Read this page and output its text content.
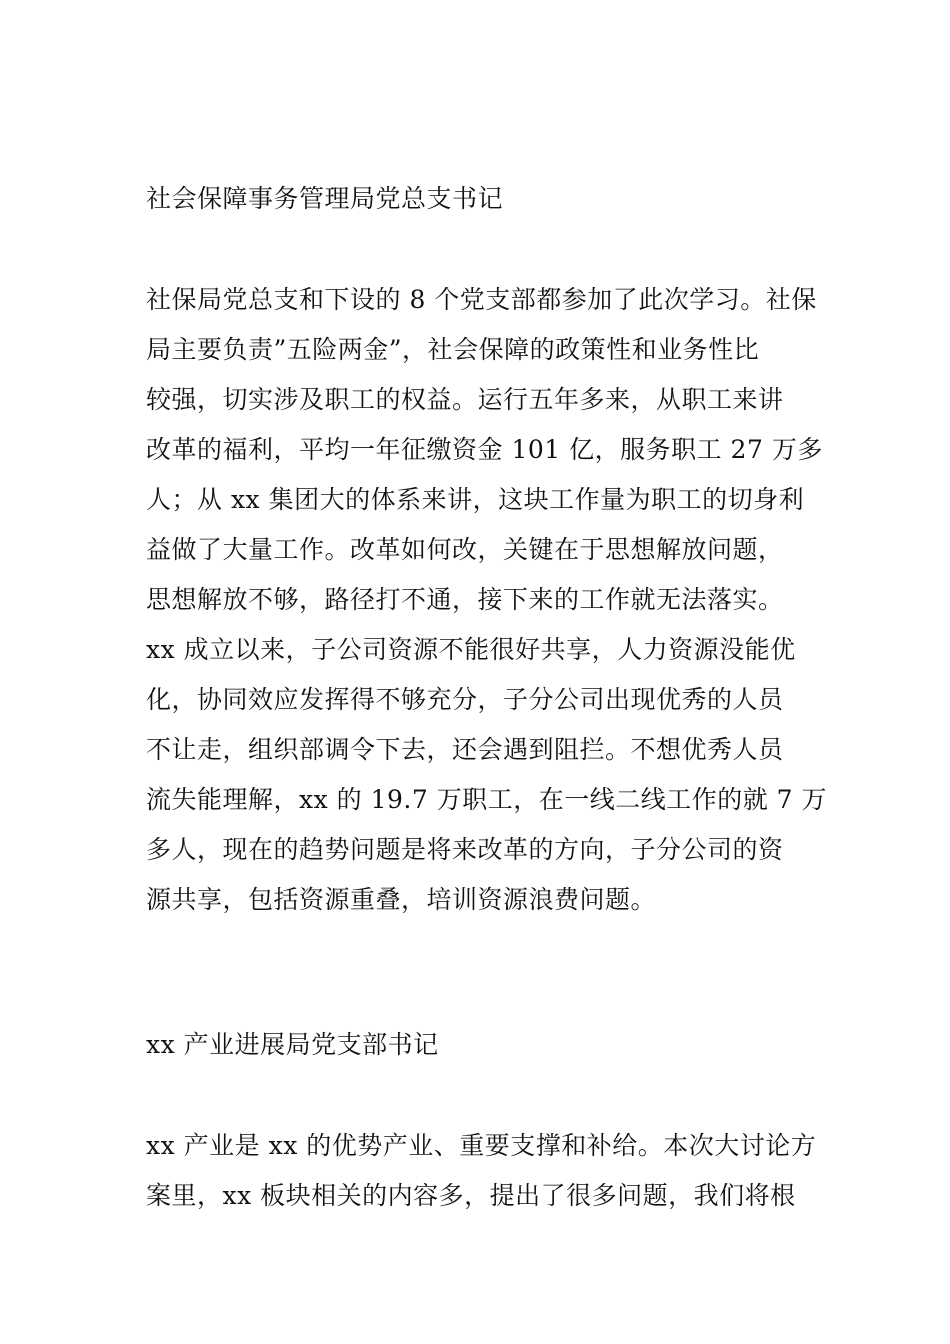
社会保障事务管理局党总支书记
社保局党总支和下设的 8 个党支部都参加了此次学习。社保
局主要负责”五险两金”，社会保障的政策性和业务性比
较强，切实涉及职工的权益。运行五年多来，从职工来讲
改革的福利，平均一年征缴资金 101 亿，服务职工 27 万多
人；从 xx 集团大的体系来讲，这块工作量为职工的切身利
益做了大量工作。改革如何改，关键在于思想解放问题，
思想解放不够，路径打不通，接下来的工作就无法落实。
xx 成立以来，子公司资源不能很好共享，人力资源没能优
化，协同效应发挥得不够充分，子分公司出现优秀的人员
不让走，组织部调令下去，还会遇到阻拦。不想优秀人员
流失能理解，xx 的 19.7 万职工，在一线二线工作的就 7 万
多人，现在的趋势问题是将来改革的方向，子分公司的资
源共享，包括资源重叠，培训资源浪费问题。
xx 产业进展局党支部书记
xx 产业是 xx 的优势产业、重要支撑和补给。本次大讨论方
案里，xx 板块相关的内容多，提出了很多问题，我们将根
